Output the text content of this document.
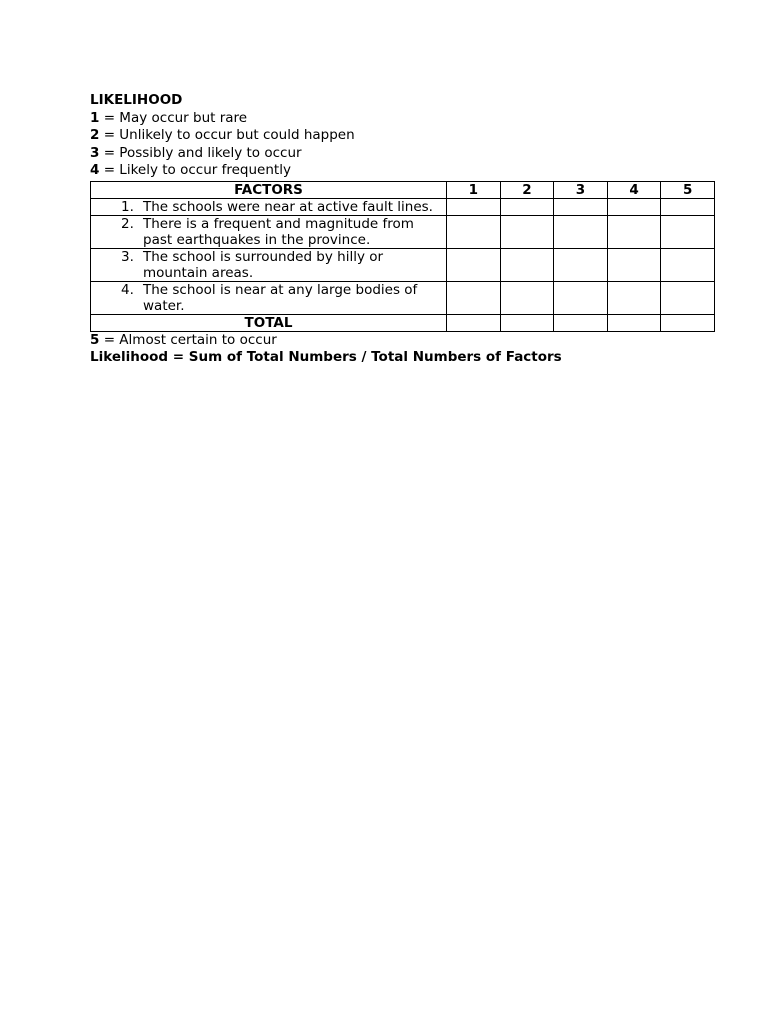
LIKELIHOOD
1 = May occur but rare
2 = Unlikely to occur but could happen
3 = Possibly and likely to occur
4 = Likely to occur frequently
FACTORS	1	2	3	4	5

1. The schools were near at active fault lines.					

2. There is a frequent and magnitude from past earthquakes in the province.					

3. The school is surrounded by hilly or mountain areas.					

4. The school is near at any large bodies of water.					

TOTAL					
5 = Almost certain to occur
Likelihood = Sum of Total Numbers / Total Numbers of Factors
